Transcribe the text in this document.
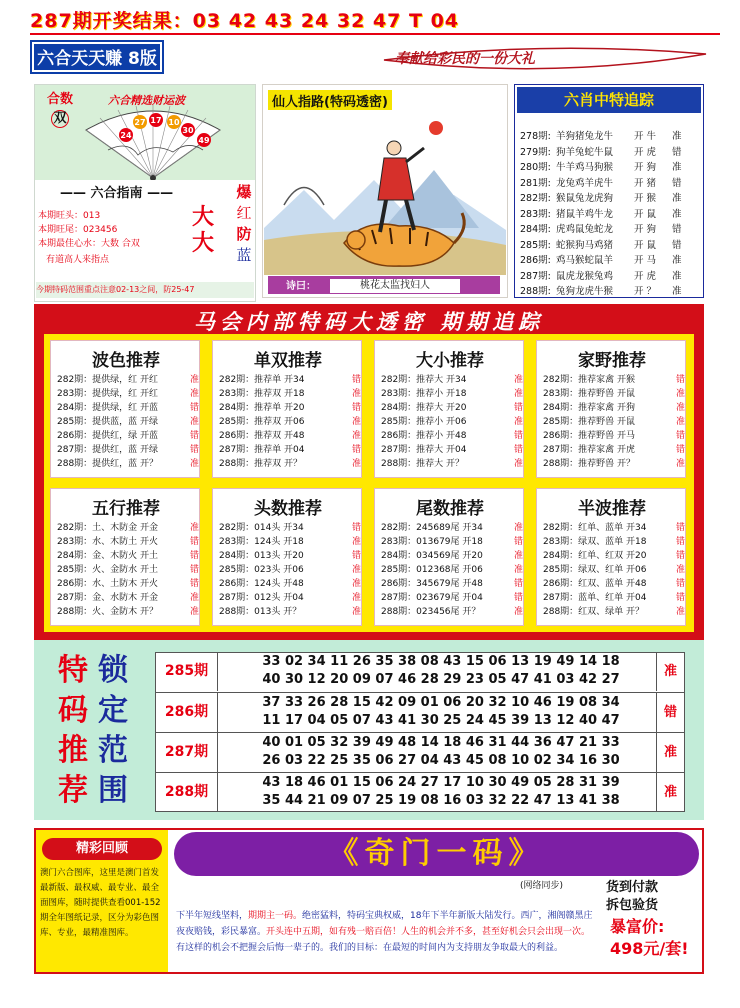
287期开奖结果：03 42 43 24 32 47 T 04
六合天天赚 8版	奉献给彩民的一份大礼
合数
双
六合精选财运波
24
27 17 10
30
49
—— 六合指南 ——
本期旺头：013
本期旺尾：023456
本期最佳心水：大数 合双
有道高人来指点
大
大
爆
红
防
蓝
今期特码范围重点注意02-13之间，防25-47
仙人指路(特码透密)
诗曰：	桃花太监找妇人
六肖中特追踪
278期: 羊狗猪兔龙牛 开 牛 准
279期: 狗羊兔蛇牛鼠 开 虎 错
280期: 牛羊鸡马狗猴 开 狗 准
281期: 龙兔鸡羊虎牛 开 猪 错
282期: 猴鼠兔龙虎狗 开 猴 准
283期: 猪鼠羊鸡牛龙 开 鼠 准
284期: 虎鸡鼠兔蛇龙 开 狗 错
285期: 蛇猴狗马鸡猪 开 鼠 错
286期: 鸡马猴蛇鼠羊 开 马 准
287期: 鼠虎龙猴兔鸡 开 虎 准
288期: 兔狗龙虎牛猴 开 ？ 准
马会内部特码大透密 期期追踪
波色推荐
282期：提供绿，红 开红	准
283期：提供绿，红 开红	准
284期：提供绿，红 开蓝	错
285期：提供蓝，蓝 开绿	准
286期：提供红，绿 开蓝	错
287期：提供红，蓝 开绿	错
288期：提供红，蓝 开？	准
单双推荐
282期：推荐单 开34	错
283期：推荐双 开18	准
284期：推荐单 开20	错
285期：推荐双 开06	准
286期：推荐双 开48	准
287期：推荐单 开04	错
288期：推荐双 开？	准
大小推荐
282期：推荐大 开34	准
283期：推荐小 开18	准
284期：推荐大 开20	错
285期：推荐小 开06	准
286期：推荐小 开48	错
287期：推荐大 开04	错
288期：推荐大 开？	准
家野推荐
282期：推荐家禽 开猴	错
283期：推荐野兽 开鼠	准
284期：推荐家禽 开狗	准
285期：推荐野兽 开鼠	准
286期：推荐野兽 开马	错
287期：推荐家禽 开虎	错
288期：推荐野兽 开？	准
五行推荐
282期：土、木防金 开金	准
283期：水、木防土 开火	错
284期：金、木防火 开土	错
285期：火、金防水 开土	错
286期：水、土防木 开火	错
287期：金、水防木 开金	准
288期：火、金防木 开？	准
头数推荐
282期：014头 开34	错
283期：124头 开18	准
284期：013头 开20	错
285期：023头 开06	准
286期：124头 开48	准
287期：012头 开04	准
288期：013头 开？	准
尾数推荐
282期：245689尾 开34	准
283期：013679尾 开18	错
284期：034569尾 开20	准
285期：012368尾 开06	准
286期：345679尾 开48	错
287期：023679尾 开04	错
288期：023456尾 开？	准
半波推荐
282期：红单、蓝单 开34	错
283期：绿双、蓝单 开18	错
284期：红单、红双 开20	错
285期：绿双、红单 开06	准
286期：红双、蓝单 开48	错
287期：蓝单、红单 开04	错
288期：红双、绿单 开？	准
特
码
推
荐
锁
定
范
围
285期
33 02 34 11 26 35 38 08 43 15 06 13 19 49 14 18
40 30 12 20 09 07 46 28 29 23 05 47 41 03 42 27
准
286期
37 33 26 28 15 42 09 01 06 20 32 10 46 19 08 34
11 17 04 05 07 43 41 30 25 24 45 39 13 12 40 47
错
287期
40 01 05 32 39 49 48 14 18 46 31 44 36 47 21 33
26 03 22 25 35 06 27 04 43 45 08 10 02 34 16 30
准
288期
43 18 46 01 15 06 24 27 17 10 30 49 05 28 31 39
35 44 21 09 07 25 19 08 16 03 32 22 47 13 41 38
准
精彩回顾
澳门六合图库，这里是澳门首发最新版、最权威、最专业、最全面图库，随时提供查看001-152期全年图纸记录，区分为彩色图库、专业，最精准图库。
《奇门一码》
(网络同步)
下半年短线坚料，期期主一码。绝密猛料，特码宝典权威，18年下半年新版大陆发行。西广，湘阁赣黑庄夜夜赔钱，彩民暴富。开头连中五期，如有残一赔百倍！人生的机会并不多，甚至好机会只会出现一次。有这样的机会不把握会后悔一辈子的。我们的目标：在最短的时间内为支持朋友争取最大的利益。
货到付款
拆包验货
暴富价:
498元/套!
